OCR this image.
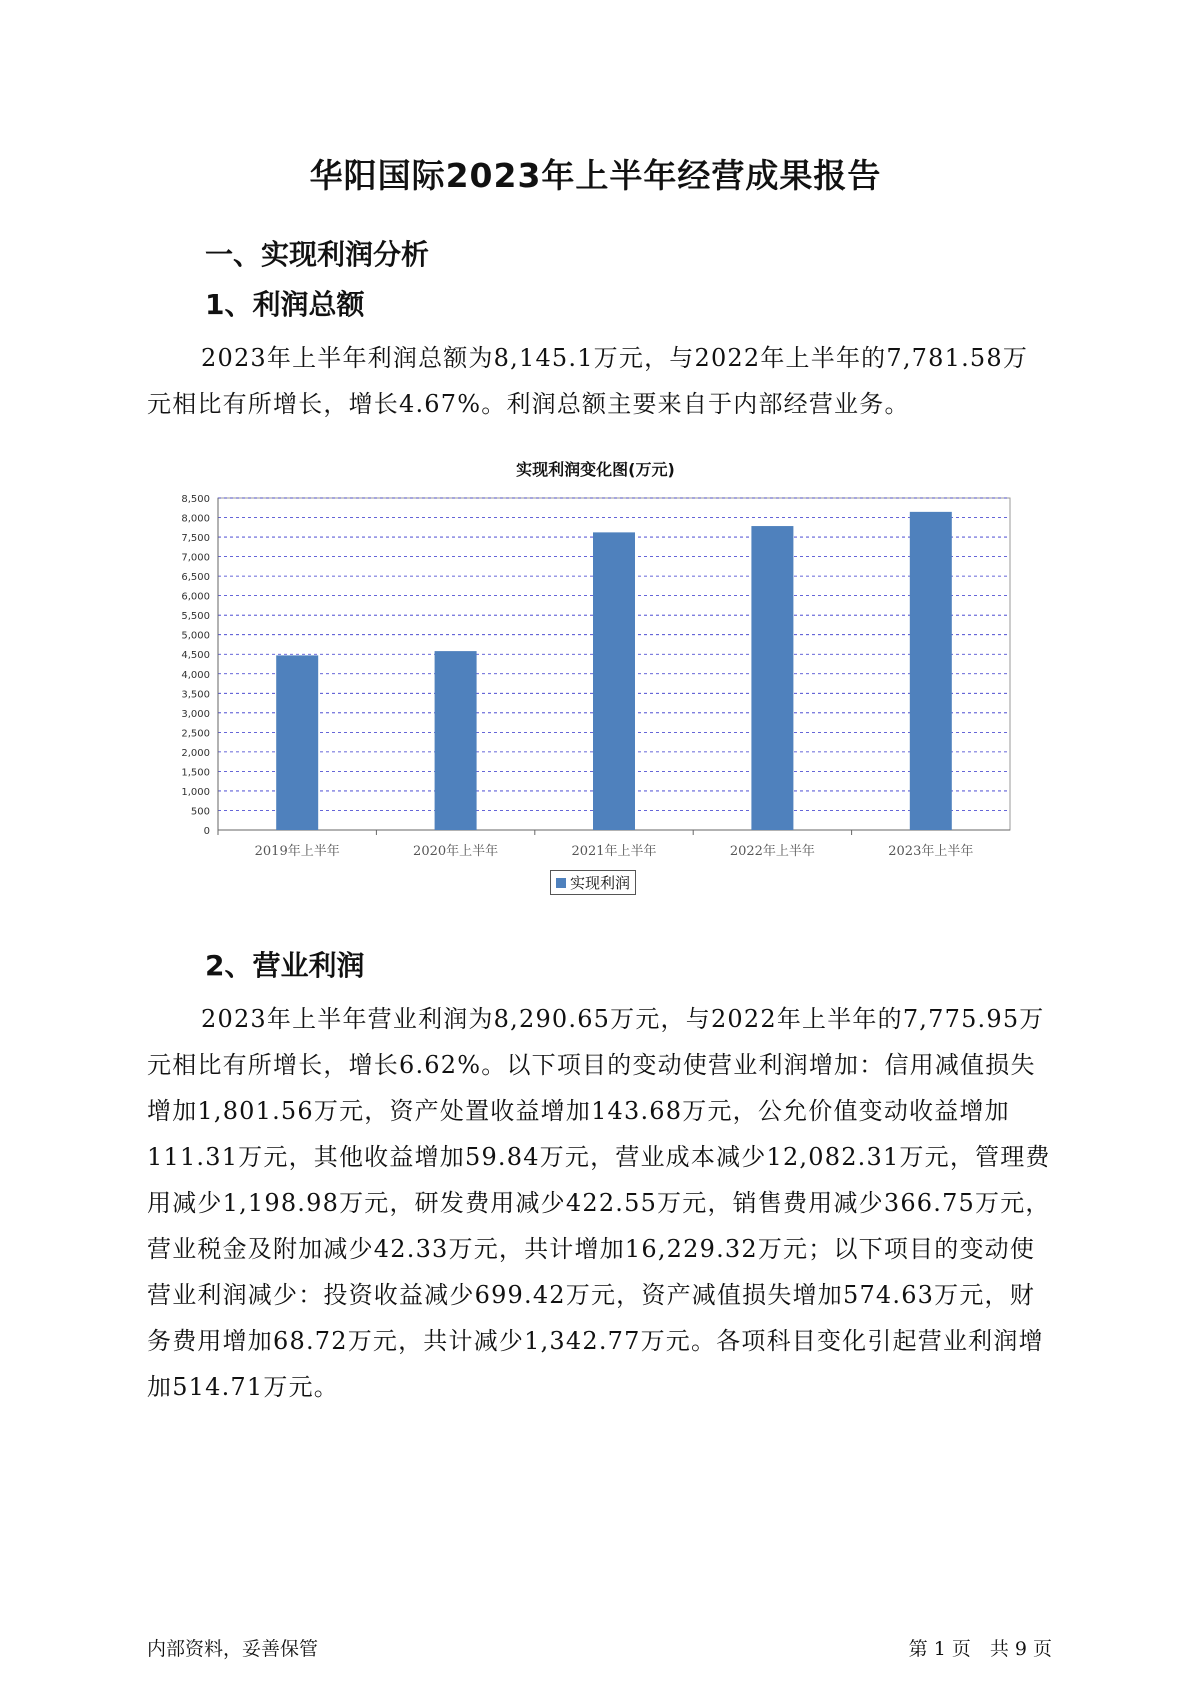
华阳国际2023年上半年经营成果报告
一、实现利润分析
1、利润总额

2023年上半年利润总额为8,145.1万元，与2022年上半年的7,781.58万元相比有所增长，增长4.67%。利润总额主要来自于内部经营业务。

实现利润变化图(万元)
0
500
1,000
1,500
2,000
2,500
3,000
3,500
4,000
4,500
5,000
5,500
6,000
6,500
7,000
7,500
8,000
8,500
2019年上半年	2020年上半年	2021年上半年	2022年上半年	2023年上半年
实现利润
2、营业利润

2023年上半年营业利润为8,290.65万元，与2022年上半年的7,775.95万元相比有所增长，增长6.62%。以下项目的变动使营业利润增加：信用减值损失增加1,801.56万元，资产处置收益增加143.68万元，公允价值变动收益增加111.31万元，其他收益增加59.84万元，营业成本减少12,082.31万元，管理费用减少1,198.98万元，研发费用减少422.55万元，销售费用减少366.75万元，营业税金及附加减少42.33万元，共计增加16,229.32万元；以下项目的变动使营业利润减少：投资收益减少699.42万元，资产减值损失增加574.63万元，财务费用增加68.72万元，共计减少1,342.77万元。各项科目变化引起营业利润增加514.71万元。

内部资料，妥善保管	第 1 页　共 9 页
